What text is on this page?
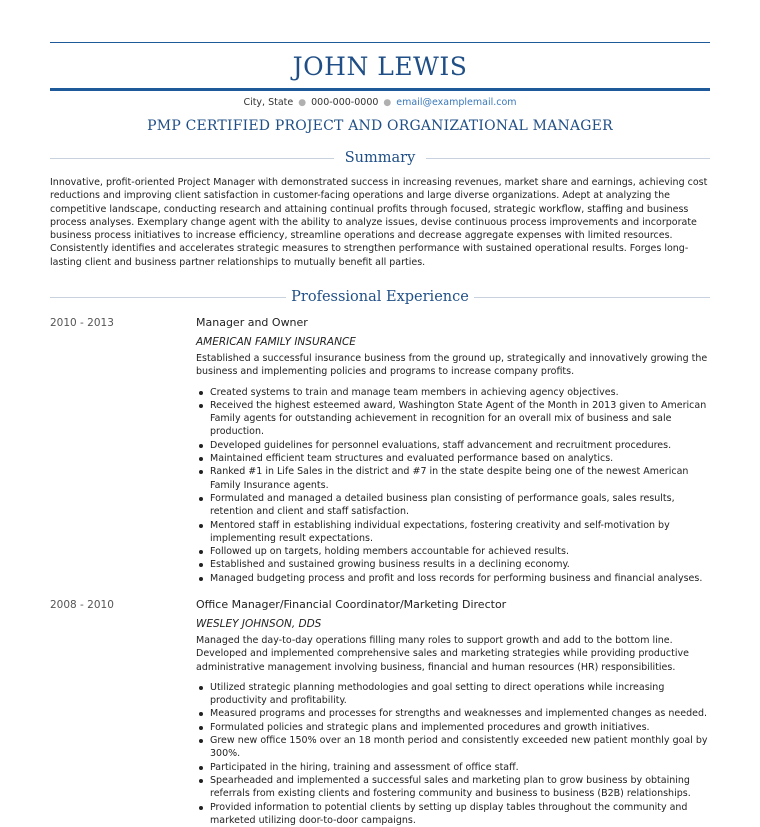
JOHN LEWIS
City, State ● 000-000-0000 ● email@examplemail.com
PMP CERTIFIED PROJECT AND ORGANIZATIONAL MANAGER
Summary

Innovative, profit-oriented Project Manager with demonstrated success in increasing revenues, market share and earnings, achieving cost reductions and improving client satisfaction in customer-facing operations and large diverse organizations. Adept at analyzing the competitive landscape, conducting research and attaining continual profits through focused, strategic workflow, staffing and business process analyses. Exemplary change agent with the ability to analyze issues, devise continuous process improvements and incorporate business process initiatives to increase efficiency, streamline operations and decrease aggregate expenses with limited resources. Consistently identifies and accelerates strategic measures to strengthen performance with sustained operational results. Forges long-lasting client and business partner relationships to mutually benefit all parties.

Professional Experience
2010 - 2013	Manager and Owner
AMERICAN FAMILY INSURANCE
Established a successful insurance business from the ground up, strategically and innovatively growing the business and implementing policies and programs to increase company profits.
Created systems to train and manage team members in achieving agency objectives.
Received the highest esteemed award, Washington State Agent of the Month in 2013 given to American Family agents for outstanding achievement in recognition for an overall mix of business and sale production.
Developed guidelines for personnel evaluations, staff advancement and recruitment procedures.
Maintained efficient team structures and evaluated performance based on analytics.
Ranked #1 in Life Sales in the district and #7 in the state despite being one of the newest American Family Insurance agents.
Formulated and managed a detailed business plan consisting of performance goals, sales results, retention and client and staff satisfaction.
Mentored staff in establishing individual expectations, fostering creativity and self-motivation by implementing result expectations.
Followed up on targets, holding members accountable for achieved results.
Established and sustained growing business results in a declining economy.
Managed budgeting process and profit and loss records for performing business and financial analyses.
2008 - 2010	Office Manager/Financial Coordinator/Marketing Director
WESLEY JOHNSON, DDS
Managed the day-to-day operations filling many roles to support growth and add to the bottom line. Developed and implemented comprehensive sales and marketing strategies while providing productive administrative management involving business, financial and human resources (HR) responsibilities.
Utilized strategic planning methodologies and goal setting to direct operations while increasing productivity and profitability.
Measured programs and processes for strengths and weaknesses and implemented changes as needed.
Formulated policies and strategic plans and implemented procedures and growth initiatives.
Grew new office 150% over an 18 month period and consistently exceeded new patient monthly goal by 300%.
Participated in the hiring, training and assessment of office staff.
Spearheaded and implemented a successful sales and marketing plan to grow business by obtaining referrals from existing clients and fostering community and business to business (B2B) relationships.
Provided information to potential clients by setting up display tables throughout the community and marketed utilizing door-to-door campaigns.
